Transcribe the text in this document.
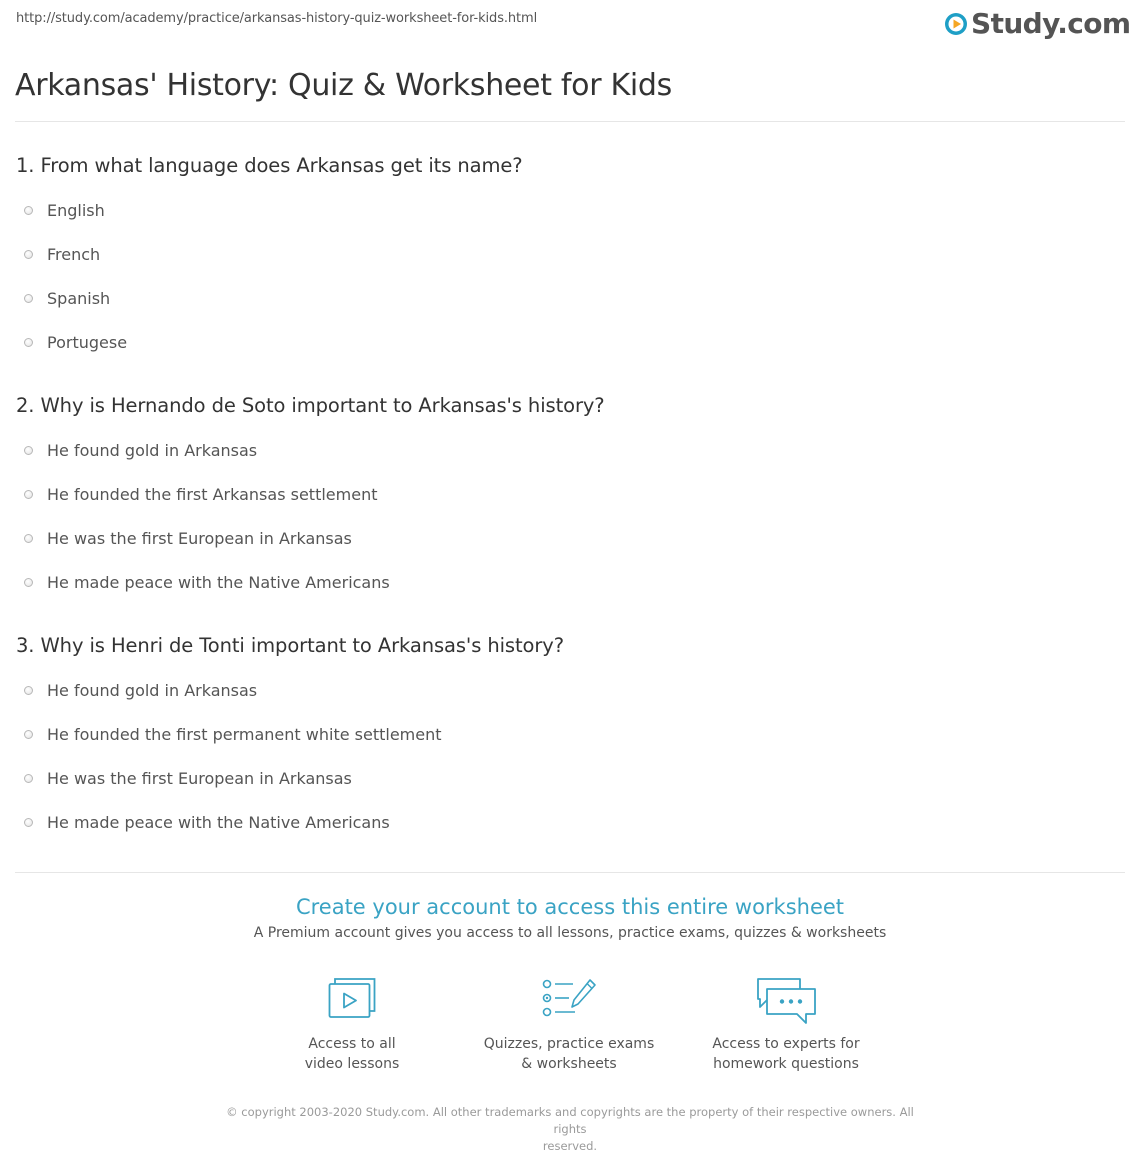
http://study.com/academy/practice/arkansas-history-quiz-worksheet-for-kids.html	Study.com
Arkansas' History: Quiz & Worksheet for Kids
1. From what language does Arkansas get its name?
English
French
Spanish
Portugese
2. Why is Hernando de Soto important to Arkansas's history?
He found gold in Arkansas
He founded the first Arkansas settlement
He was the first European in Arkansas
He made peace with the Native Americans
3. Why is Henri de Tonti important to Arkansas's history?
He found gold in Arkansas
He founded the first permanent white settlement
He was the first European in Arkansas
He made peace with the Native Americans
Create your account to access this entire worksheet
A Premium account gives you access to all lessons, practice exams, quizzes & worksheets
Access to all
video lessons
Quizzes, practice exams
& worksheets
Access to experts for
homework questions
© copyright 2003-2020 Study.com. All other trademarks and copyrights are the property of their respective owners. All rights
reserved.
